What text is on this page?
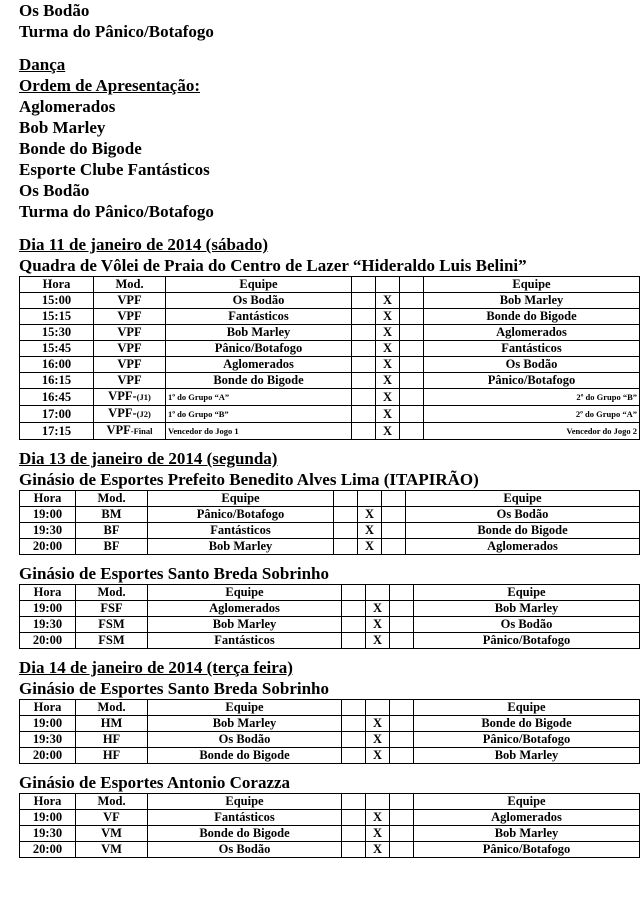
Os Bodão
Turma do Pânico/Botafogo
Dança
Ordem de Apresentação:
Aglomerados
Bob Marley
Bonde do Bigode
Esporte Clube Fantásticos
Os Bodão
Turma do Pânico/Botafogo
Dia 11 de janeiro de 2014 (sábado)
Quadra de Vôlei de Praia do Centro de Lazer “Hideraldo Luis Belini”
Hora	Mod.	Equipe				Equipe
15:00	VPF	Os Bodão		X		Bob Marley
15:15	VPF	Fantásticos		X		Bonde do Bigode
15:30	VPF	Bob Marley		X		Aglomerados
15:45	VPF	Pânico/Botafogo		X		Fantásticos
16:00	VPF	Aglomerados		X		Os Bodão
16:15	VPF	Bonde do Bigode		X		Pânico/Botafogo
16:45	VPF-(J1)	1º do Grupo “A”		X		2º do Grupo “B”
17:00	VPF-(J2)	1º do Grupo “B”		X		2º do Grupo “A”
17:15	VPF-Final	Vencedor do Jogo 1		X		Vencedor do Jogo 2
Dia 13 de janeiro de 2014 (segunda)
Ginásio de Esportes Prefeito Benedito Alves Lima (ITAPIRÃO)
Hora	Mod.	Equipe				Equipe
19:00	BM	Pânico/Botafogo		X		Os Bodão
19:30	BF	Fantásticos		X		Bonde do Bigode
20:00	BF	Bob Marley		X		Aglomerados
Ginásio de Esportes Santo Breda Sobrinho
Hora	Mod.	Equipe				Equipe
19:00	FSF	Aglomerados		X		Bob Marley
19:30	FSM	Bob Marley		X		Os Bodão
20:00	FSM	Fantásticos		X		Pânico/Botafogo
Dia 14 de janeiro de 2014 (terça feira)
Ginásio de Esportes Santo Breda Sobrinho
Hora	Mod.	Equipe				Equipe
19:00	HM	Bob Marley		X		Bonde do Bigode
19:30	HF	Os Bodão		X		Pânico/Botafogo
20:00	HF	Bonde do Bigode		X		Bob Marley
Ginásio de Esportes Antonio Corazza
Hora	Mod.	Equipe				Equipe
19:00	VF	Fantásticos		X		Aglomerados
19:30	VM	Bonde do Bigode		X		Bob Marley
20:00	VM	Os Bodão		X		Pânico/Botafogo
